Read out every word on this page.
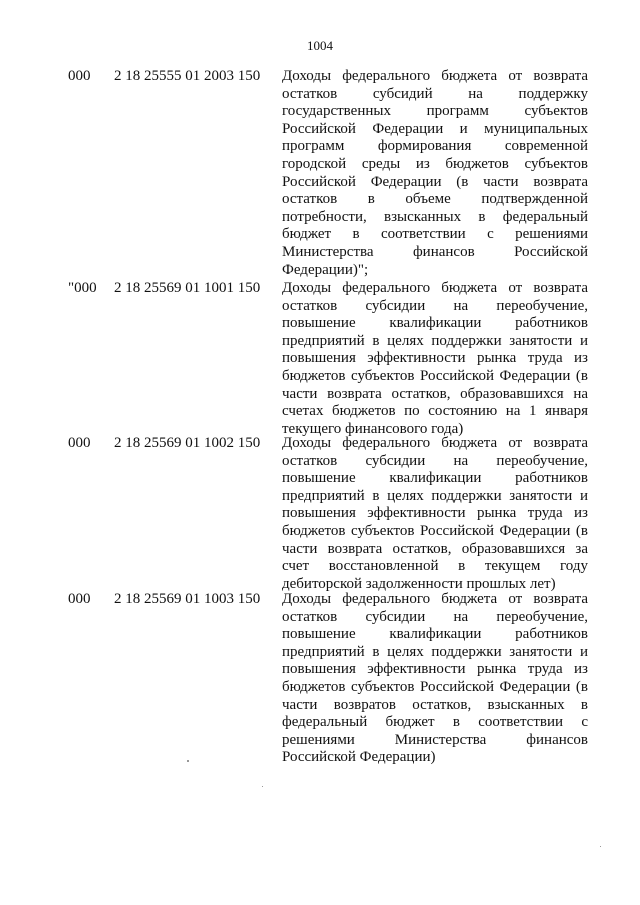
1004
000 2 18 25555 01 2003 150 Доходы федерального бюджета от возврата
остатков субсидий на поддержку
государственных программ субъектов
Российской Федерации и муниципальных
программ формирования современной
городской среды из бюджетов субъектов
Российской Федерации (в части возврата
остатков в объеме подтвержденной
потребности, взысканных в федеральный
бюджет в соответствии с решениями
Министерства финансов Российской
Федерации)";
"000 2 18 25569 01 1001 150 Доходы федерального бюджета от возврата
остатков субсидии на переобучение,
повышение квалификации работников
предприятий в целях поддержки занятости и
повышения эффективности рынка труда из
бюджетов субъектов Российской Федерации (в
части возврата остатков, образовавшихся на
счетах бюджетов по состоянию на 1 января
текущего финансового года)
000 2 18 25569 01 1002 150 Доходы федерального бюджета от возврата
остатков субсидии на переобучение,
повышение квалификации работников
предприятий в целях поддержки занятости и
повышения эффективности рынка труда из
бюджетов субъектов Российской Федерации (в
части возврата остатков, образовавшихся за
счет восстановленной в текущем году
дебиторской задолженности прошлых лет)
000 2 18 25569 01 1003 150 Доходы федерального бюджета от возврата
остатков субсидии на переобучение,
повышение квалификации работников
предприятий в целях поддержки занятости и
повышения эффективности рынка труда из
бюджетов субъектов Российской Федерации (в
части возвратов остатков, взысканных в
федеральный бюджет в соответствии с
решениями Министерства финансов
Российской Федерации)
